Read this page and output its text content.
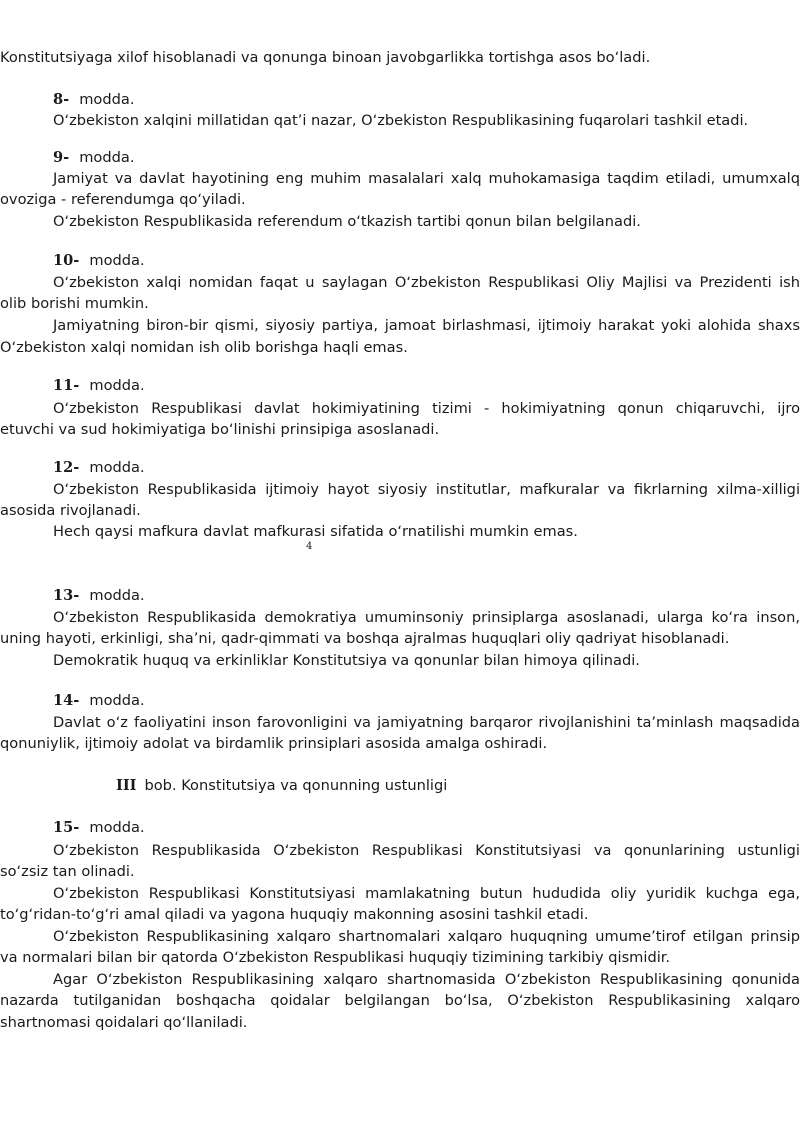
Konstitutsiyaga xilof hisoblanadi va qonunga binoan javobgarlikka tortishga asos bo‘ladi.
8- modda.
O‘zbekiston xalqini millatidan qat’i nazar, O‘zbekiston Respublikasining fuqarolari tashkil etadi.
9- modda.
Jamiyat va davlat hayotining eng muhim masalalari xalq muhokamasiga taqdim etiladi, umumxalq
ovoziga - referendumga qo‘yiladi.
O‘zbekiston Respublikasida referendum o‘tkazish tartibi qonun bilan belgilanadi.
10- modda.
O‘zbekiston xalqi nomidan faqat u saylagan O‘zbekiston Respublikasi Oliy Majlisi va Prezidenti ish
olib borishi mumkin.
Jamiyatning biron-bir qismi, siyosiy partiya, jamoat birlashmasi, ijtimoiy harakat yoki alohida shaxs
O‘zbekiston xalqi nomidan ish olib borishga haqli emas.
11- modda.
O‘zbekiston Respublikasi davlat hokimiyatining tizimi - hokimiyatning qonun chiqaruvchi, ijro
etuvchi va sud hokimiyatiga bo‘linishi prinsipiga asoslanadi.
12- modda.
O‘zbekiston Respublikasida ijtimoiy hayot siyosiy institutlar, mafkuralar va fikrlarning xilma-xilligi
asosida rivojlanadi.
Hech qaysi mafkura davlat mafkurasi sifatida o‘rnatilishi mumkin emas.
4
13- modda.
O‘zbekiston Respublikasida demokratiya umuminsoniy prinsiplarga asoslanadi, ularga ko‘ra inson,
uning hayoti, erkinligi, sha’ni, qadr-qimmati va boshqa ajralmas huquqlari oliy qadriyat hisoblanadi.
Demokratik huquq va erkinliklar Konstitutsiya va qonunlar bilan himoya qilinadi.
14- modda.
Davlat o‘z faoliyatini inson farovonligini va jamiyatning barqaror rivojlanishini ta’minlash maqsadida
qonuniylik, ijtimoiy adolat va birdamlik prinsiplari asosida amalga oshiradi.
III bob. Konstitutsiya va qonunning ustunligi
15- modda.
O‘zbekiston Respublikasida O‘zbekiston Respublikasi Konstitutsiyasi va qonunlarining ustunligi
so‘zsiz tan olinadi.
O‘zbekiston Respublikasi Konstitutsiyasi mamlakatning butun hududida oliy yuridik kuchga ega,
to‘g‘ridan-to‘g‘ri amal qiladi va yagona huquqiy makonning asosini tashkil etadi.
O‘zbekiston Respublikasining xalqaro shartnomalari xalqaro huquqning umume’tirof etilgan prinsip
va normalari bilan bir qatorda O‘zbekiston Respublikasi huquqiy tizimining tarkibiy qismidir.
Agar O‘zbekiston Respublikasining xalqaro shartnomasida O‘zbekiston Respublikasining qonunida
nazarda tutilganidan boshqacha qoidalar belgilangan bo‘lsa, O‘zbekiston Respublikasining xalqaro
shartnomasi qoidalari qo‘llaniladi.
